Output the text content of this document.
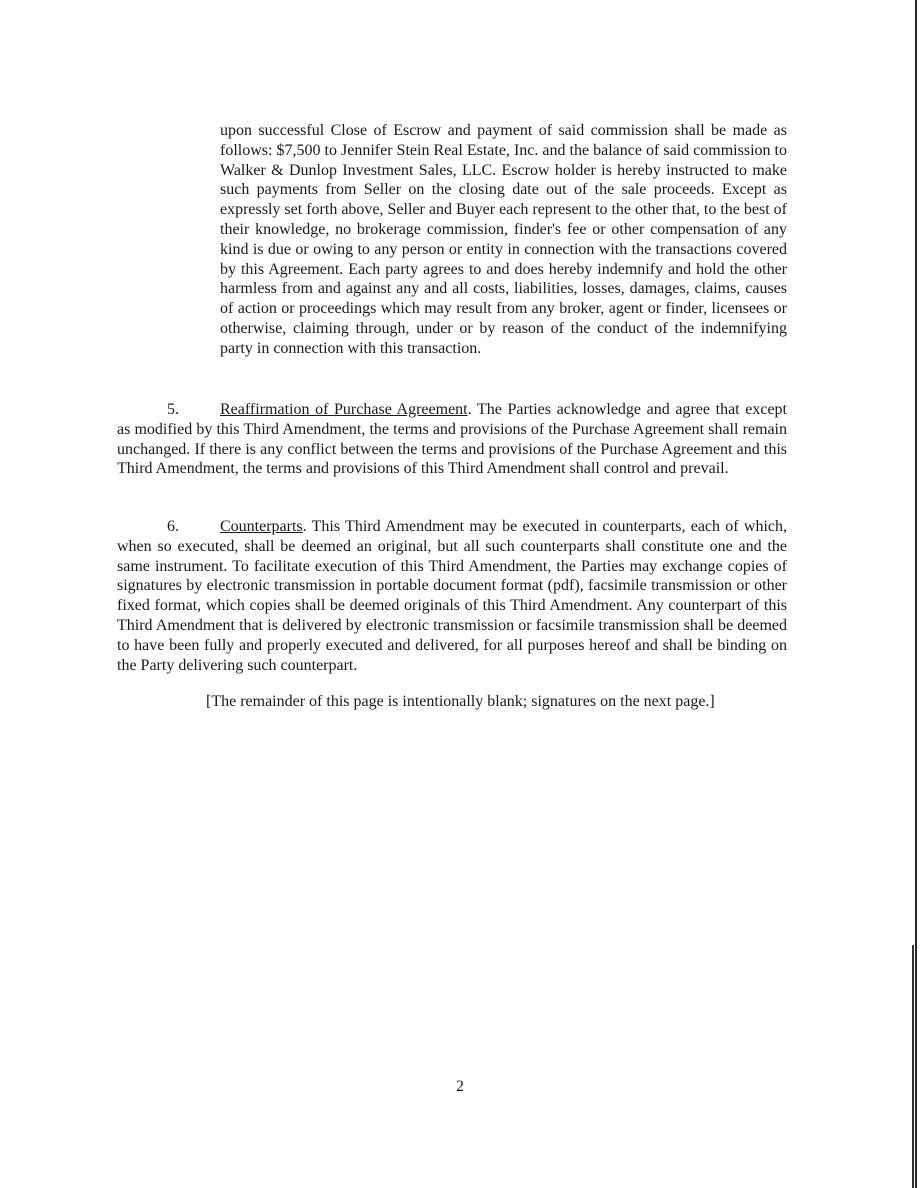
upon successful Close of Escrow and payment of said commission shall be made as follows: $7,500 to Jennifer Stein Real Estate, Inc. and the balance of said commission to Walker & Dunlop Investment Sales, LLC. Escrow holder is hereby instructed to make such payments from Seller on the closing date out of the sale proceeds. Except as expressly set forth above, Seller and Buyer each represent to the other that, to the best of their knowledge, no brokerage commission, finder's fee or other compensation of any kind is due or owing to any person or entity in connection with the transactions covered by this Agreement. Each party agrees to and does hereby indemnify and hold the other harmless from and against any and all costs, liabilities, losses, damages, claims, causes of action or proceedings which may result from any broker, agent or finder, licensees or otherwise, claiming through, under or by reason of the conduct of the indemnifying party in connection with this transaction.

5.	Reaffirmation of Purchase Agreement. The Parties acknowledge and agree that except as modified by this Third Amendment, the terms and provisions of the Purchase Agreement shall remain unchanged. If there is any conflict between the terms and provisions of the Purchase Agreement and this Third Amendment, the terms and provisions of this Third Amendment shall control and prevail.

6.	Counterparts. This Third Amendment may be executed in counterparts, each of which, when so executed, shall be deemed an original, but all such counterparts shall constitute one and the same instrument. To facilitate execution of this Third Amendment, the Parties may exchange copies of signatures by electronic transmission in portable document format (pdf), facsimile transmission or other fixed format, which copies shall be deemed originals of this Third Amendment. Any counterpart of this Third Amendment that is delivered by electronic transmission or facsimile transmission shall be deemed to have been fully and properly executed and delivered, for all purposes hereof and shall be binding on the Party delivering such counterpart.

[The remainder of this page is intentionally blank; signatures on the next page.]
2
